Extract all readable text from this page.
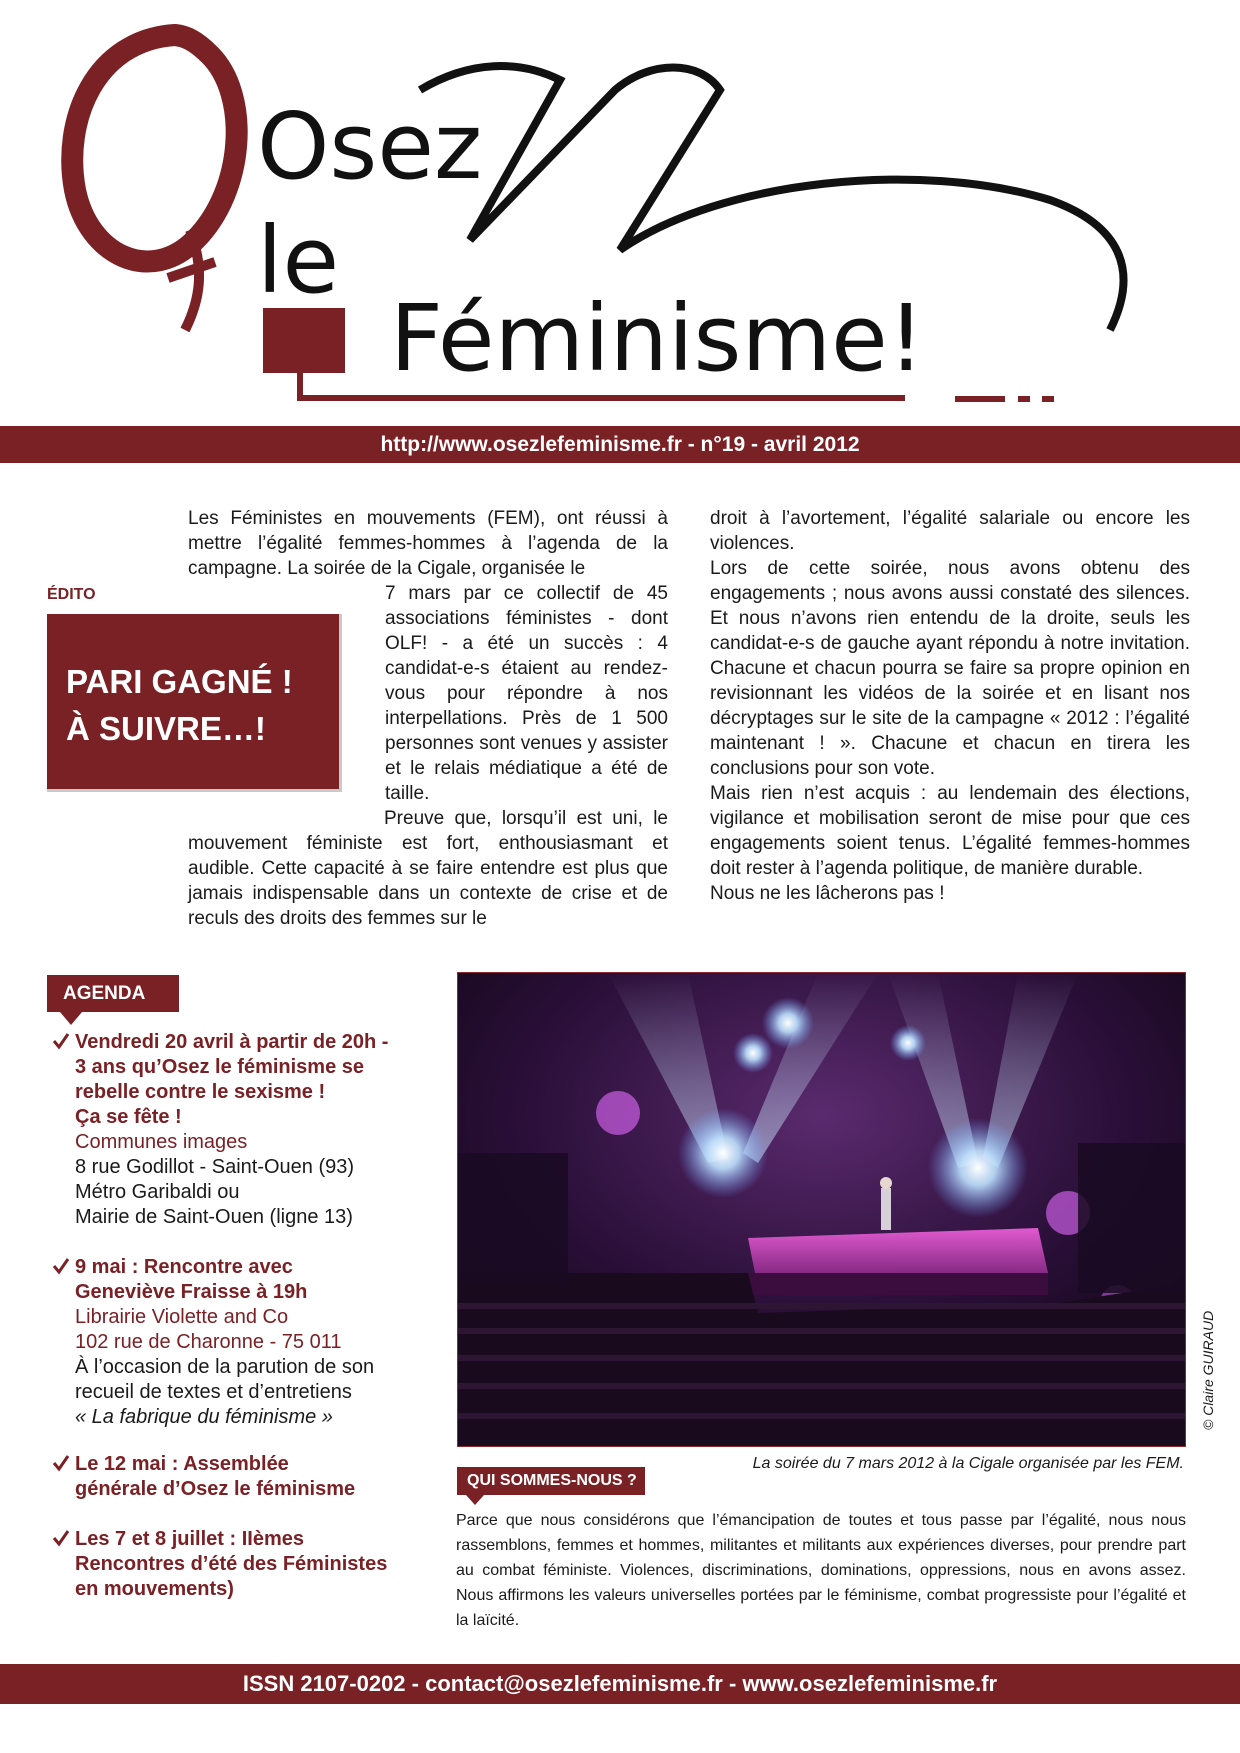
Osez
le
Féminisme!
http://www.osezlefeminisme.fr - n°19 - avril 2012
ÉDITO
PARI GAGNÉ !
À SUIVRE…!

Les Féministes en mouvements (FEM), ont réussi à mettre l’égalité femmes-hommes à l’agenda de la campagne. La soirée de la Cigale, organisée le

7 mars par ce collectif de 45 associations féministes - dont OLF! - a été un succès : 4 candidat-e-s étaient au rendez-vous pour répondre à nos interpellations. Près de 1 500 personnes sont venues y assister et le relais médiatique a été de taille.

Preuve que, lorsqu’il est uni, le mouvement féministe est fort, enthousiasmant et audible. Cette capacité à se faire entendre est plus que jamais indispensable dans un contexte de crise et de reculs des droits des femmes sur le

droit à l’avortement, l’égalité salariale ou encore les violences.

Lors de cette soirée, nous avons obtenu des engagements ; nous avons aussi constaté des silences. Et nous n’avons rien entendu de la droite, seuls les candidat-e-s de gauche ayant répondu à notre invitation. Chacune et chacun pourra se faire sa propre opinion en revisionnant les vidéos de la soirée et en lisant nos décryptages sur le site de la campagne « 2012 : l’égalité maintenant ! ». Chacune et chacun en tirera les conclusions pour son vote.

Mais rien n’est acquis : au lendemain des élections, vigilance et mobilisation seront de mise pour que ces engagements soient tenus. L’égalité femmes-hommes doit rester à l’agenda politique, de manière durable.

Nous ne les lâcherons pas !

AGENDA
Vendredi 20 avril à partir de 20h -
3 ans qu’Osez le féminisme se
rebelle contre le sexisme !
Ça se fête !
Communes images
8 rue Godillot - Saint-Ouen (93)
Métro Garibaldi ou
Mairie de Saint-Ouen (ligne 13)
9 mai : Rencontre avec
Geneviève Fraisse à 19h
Librairie Violette and Co
102 rue de Charonne - 75 011
À l’occasion de la parution de son
recueil de textes et d’entretiens
« La fabrique du féminisme »
Le 12 mai : Assemblée
générale d’Osez le féminisme
Les 7 et 8 juillet : IIèmes
Rencontres d’été des Féministes
en mouvements)
© Claire GUIRAUD
La soirée du 7 mars 2012 à la Cigale organisée par les FEM.
QUI SOMMES-NOUS ?
Parce que nous considérons que l’émancipation de toutes et tous passe par l’égalité, nous nous rassemblons, femmes et hommes, militantes et militants aux expériences diverses, pour prendre part au combat féministe. Violences, discriminations, dominations, oppressions, nous en avons assez. Nous affirmons les valeurs universelles portées par le féminisme, combat progressiste pour l’égalité et la laïcité.
ISSN 2107-0202 - contact@osezlefeminisme.fr - www.osezlefeminisme.fr
